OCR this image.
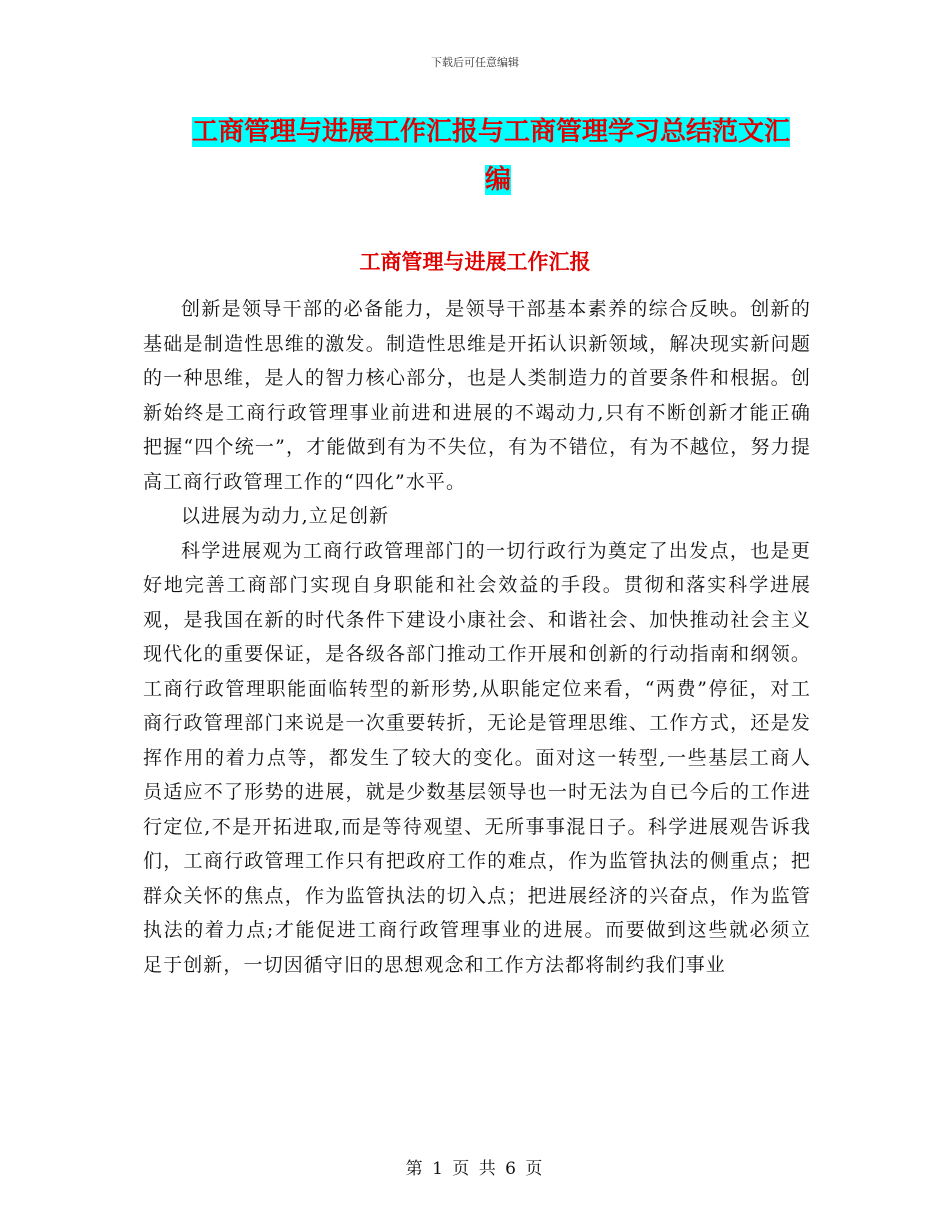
下载后可任意编辑
工商管理与进展工作汇报与工商管理学习总结范文汇
编
工商管理与进展工作汇报

创新是领导干部的必备能力，是领导干部基本素养的综合反映。创新的基础是制造性思维的激发。制造性思维是开拓认识新领域，解决现实新问题的一种思维，是人的智力核心部分，也是人类制造力的首要条件和根据。创新始终是工商行政管理事业前进和进展的不竭动力,只有不断创新才能正确把握“四个统一”，才能做到有为不失位，有为不错位，有为不越位，努力提高工商行政管理工作的“四化”水平。

以进展为动力,立足创新

科学进展观为工商行政管理部门的一切行政行为奠定了出发点，也是更好地完善工商部门实现自身职能和社会效益的手段。贯彻和落实科学进展观，是我国在新的时代条件下建设小康社会、和谐社会、加快推动社会主义现代化的重要保证，是各级各部门推动工作开展和创新的行动指南和纲领。工商行政管理职能面临转型的新形势,从职能定位来看，“两费”停征，对工商行政管理部门来说是一次重要转折，无论是管理思维、工作方式，还是发挥作用的着力点等，都发生了较大的变化。面对这一转型,一些基层工商人员适应不了形势的进展，就是少数基层领导也一时无法为自已今后的工作进行定位,不是开拓进取,而是等待观望、无所事事混日子。科学进展观告诉我们，工商行政管理工作只有把政府工作的难点，作为监管执法的侧重点；把群众关怀的焦点，作为监管执法的切入点；把进展经济的兴奋点，作为监管执法的着力点;才能促进工商行政管理事业的进展。而要做到这些就必须立足于创新，一切因循守旧的思想观念和工作方法都将制约我们事业

第 1 页 共 6 页
